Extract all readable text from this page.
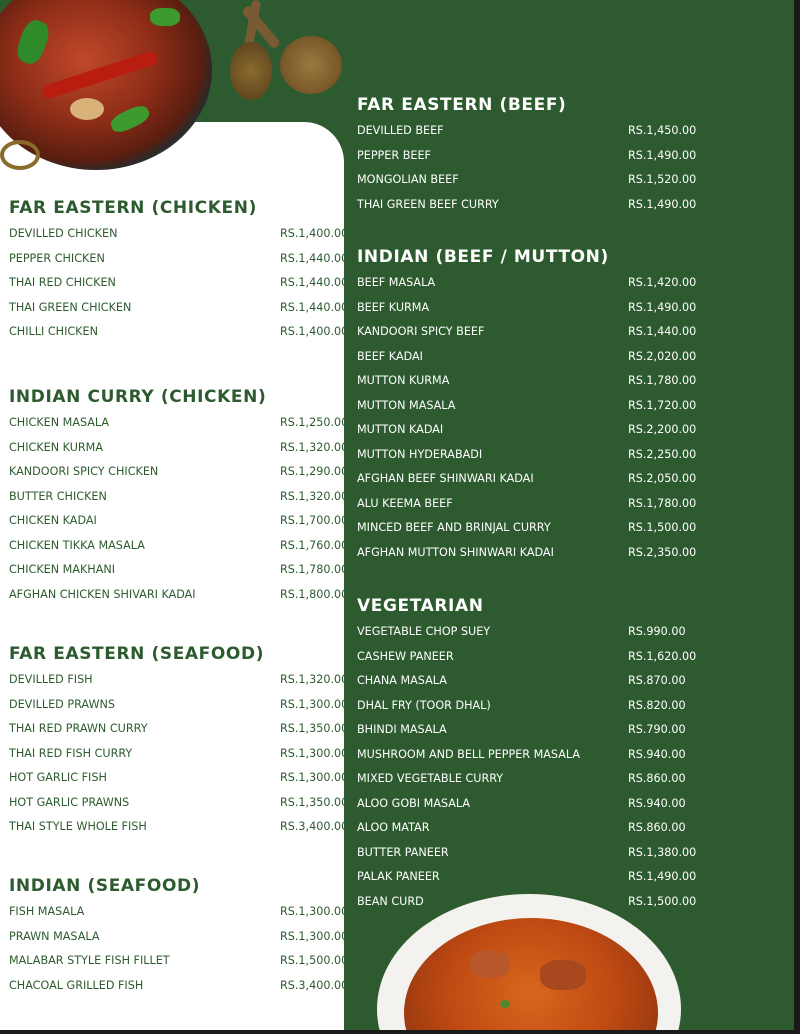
FAR EASTERN (CHICKEN)
DEVILLED CHICKEN	RS.1,400.00
PEPPER CHICKEN	RS.1,440.00
THAI RED CHICKEN	RS.1,440.00
THAI GREEN CHICKEN	RS.1,440.00
CHILLI CHICKEN	RS.1,400.00
INDIAN CURRY (CHICKEN)
CHICKEN MASALA	RS.1,250.00
CHICKEN KURMA	RS.1,320.00
KANDOORI SPICY CHICKEN	RS.1,290.00
BUTTER CHICKEN	RS.1,320.00
CHICKEN KADAI	RS.1,700.00
CHICKEN TIKKA MASALA	RS.1,760.00
CHICKEN MAKHANI	RS.1,780.00
AFGHAN CHICKEN SHIVARI KADAI	RS.1,800.00
FAR EASTERN (SEAFOOD)
DEVILLED FISH	RS.1,320.00
DEVILLED PRAWNS	RS.1,300.00
THAI RED PRAWN CURRY	RS.1,350.00
THAI RED FISH CURRY	RS.1,300.00
HOT GARLIC FISH	RS.1,300.00
HOT GARLIC PRAWNS	RS.1,350.00
THAI STYLE WHOLE FISH	RS.3,400.00
INDIAN (SEAFOOD)
FISH MASALA	RS.1,300.00
PRAWN MASALA	RS.1,300.00
MALABAR STYLE FISH FILLET	RS.1,500.00
CHACOAL GRILLED FISH	RS.3,400.00
FAR EASTERN (BEEF)
DEVILLED BEEF	RS.1,450.00
PEPPER BEEF	RS.1,490.00
MONGOLIAN BEEF	RS.1,520.00
THAI GREEN BEEF CURRY	RS.1,490.00
INDIAN (BEEF / MUTTON)
BEEF MASALA	RS.1,420.00
BEEF KURMA	RS.1,490.00
KANDOORI SPICY BEEF	RS.1,440.00
BEEF KADAI	RS.2,020.00
MUTTON KURMA	RS.1,780.00
MUTTON MASALA	RS.1,720.00
MUTTON KADAI	RS.2,200.00
MUTTON HYDERABADI	RS.2,250.00
AFGHAN BEEF SHINWARI KADAI	RS.2,050.00
ALU KEEMA BEEF	RS.1,780.00
MINCED BEEF AND BRINJAL CURRY	RS.1,500.00
AFGHAN MUTTON SHINWARI KADAI	RS.2,350.00
VEGETARIAN
VEGETABLE CHOP SUEY	RS.990.00
CASHEW PANEER	RS.1,620.00
CHANA MASALA	RS.870.00
DHAL FRY (TOOR DHAL)	RS.820.00
BHINDI MASALA	RS.790.00
MUSHROOM AND BELL PEPPER MASALA	RS.940.00
MIXED VEGETABLE CURRY	RS.860.00
ALOO GOBI MASALA	RS.940.00
ALOO MATAR	RS.860.00
BUTTER PANEER	RS.1,380.00
PALAK PANEER	RS.1,490.00
BEAN CURD	RS.1,500.00
